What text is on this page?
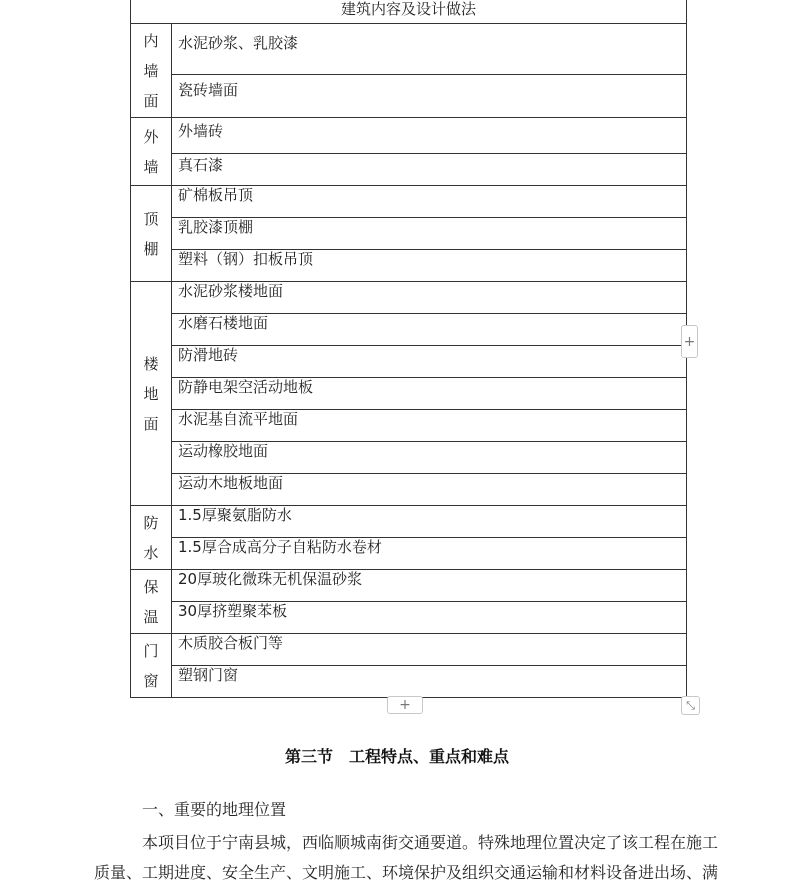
建筑内容及设计做法	

内
墙
面	水泥砂浆、乳胶漆
	瓷砖墙面

外
墙	外墙砖
	真石漆

顶
棚	矿棉板吊顶
	乳胶漆顶棚
	塑料（钢）扣板吊顶

楼
地
面	水泥砂浆楼地面
	水磨石楼地面
	防滑地砖
	防静电架空活动地板
	水泥基自流平地面
	运动橡胶地面
	运动木地板地面

防
水	1.5厚聚氨脂防水
	1.5厚合成高分子自粘防水卷材

保
温	20厚玻化微珠无机保温砂浆
	30厚挤塑聚苯板

门
窗	木质胶合板门等
	塑钢门窗
+
+	⤡
第三节　工程特点、重点和难点
一、重要的地理位置
本项目位于宁南县城，西临顺城南街交通要道。特殊地理位置决定了该工程在施工质量、工期进度、安全生产、文明施工、环境保护及组织交通运输和材料设备进出场、满
